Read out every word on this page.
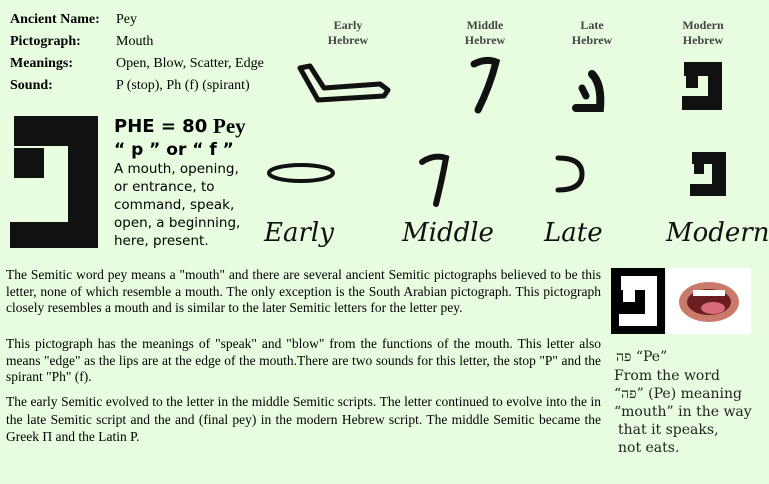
Ancient Name: Pey
Pictograph:	Mouth
Meanings:	Open, Blow, Scatter, Edge
Sound:	P (stop), Ph (f) (spirant)
Early
Hebrew
Middle
Hebrew
Late
Hebrew
Modern
Hebrew
Early	Middle Late Modern
PHE = 80 Pey
“ p ” or “ f ”
A mouth, opening, or entrance, to command, speak, open, a beginning, here, present.
The Semitic word pey means a "mouth" and there are several ancient Semitic pictographs believed to be this letter, none of which resemble a mouth. The only exception is the South Arabian pictograph. This pictograph closely resembles a mouth and is similar to the later Semitic letters for the letter pey.
This pictograph has the meanings of "speak" and "blow" from the functions of the mouth. This letter also means "edge" as the lips are at the edge of the mouth.There are two sounds for this letter, the stop "P" and the spirant "Ph" (f).
The early Semitic evolved to the letter in the middle Semitic scripts. The letter continued to evolve into the in the late Semitic script and the and (final pey) in the modern Hebrew script. The middle Semitic became the Greek Π and the Latin P.
פה “Pe”
From the word
“פה” (Pe) meaning
“mouth” in the way
that it speaks,
not eats.
